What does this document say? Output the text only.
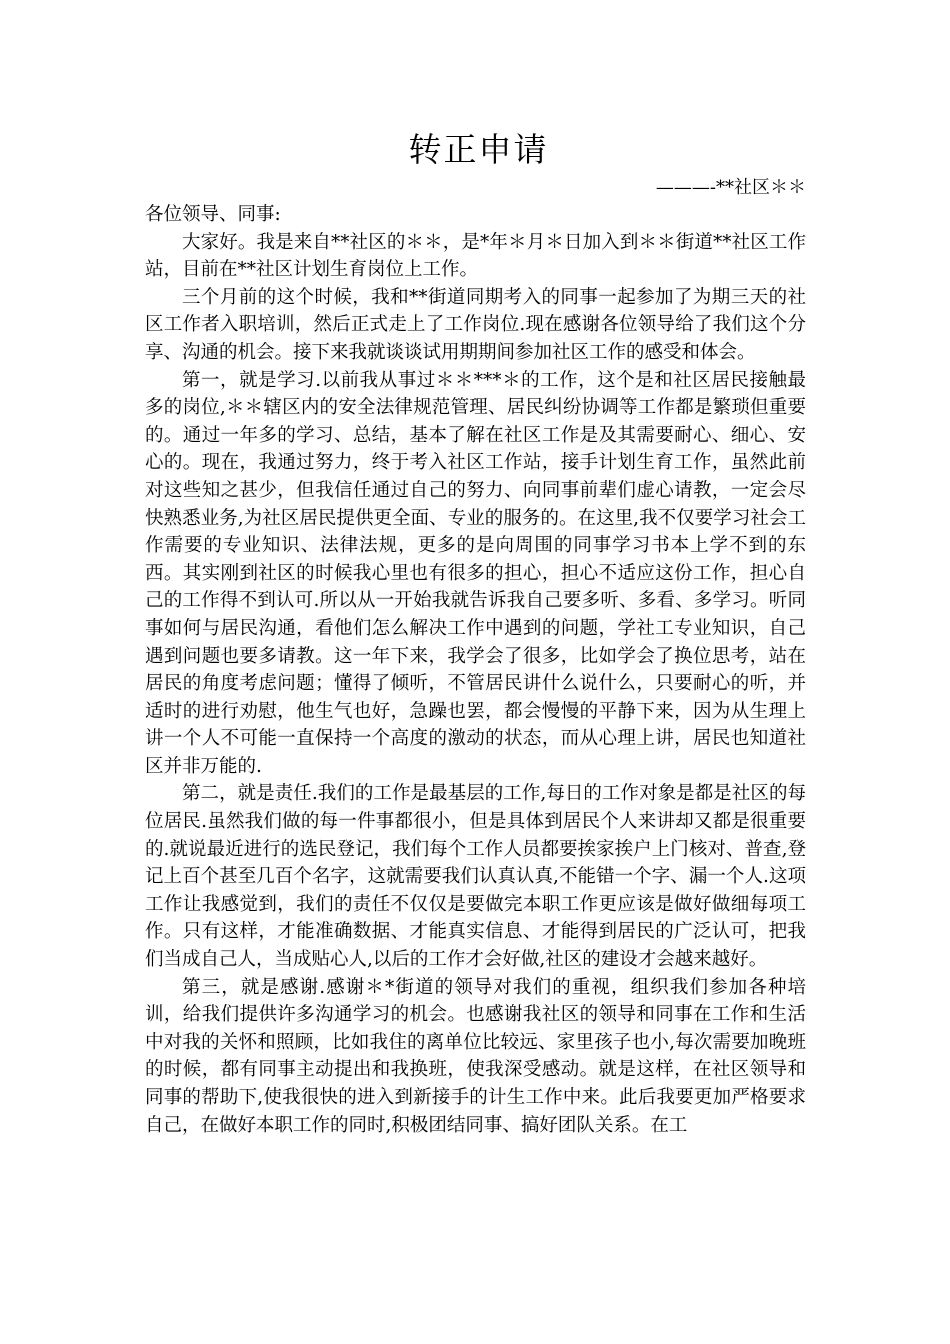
转正申请

———-**社区＊＊

各位领导、同事:

大家好。我是来自**社区的＊＊，是*年＊月＊日加入到＊＊街道**社区工作站，目前在**社区计划生育岗位上工作。

三个月前的这个时候，我和**街道同期考入的同事一起参加了为期三天的社区工作者入职培训，然后正式走上了工作岗位.现在感谢各位领导给了我们这个分享、沟通的机会。接下来我就谈谈试用期期间参加社区工作的感受和体会。

第一，就是学习.以前我从事过＊＊***＊的工作，这个是和社区居民接触最多的岗位,＊＊辖区内的安全法律规范管理、居民纠纷协调等工作都是繁琐但重要的。通过一年多的学习、总结，基本了解在社区工作是及其需要耐心、细心、安心的。现在，我通过努力，终于考入社区工作站，接手计划生育工作，虽然此前对这些知之甚少，但我信任通过自己的努力、向同事前辈们虚心请教，一定会尽快熟悉业务,为社区居民提供更全面、专业的服务的。在这里,我不仅要学习社会工作需要的专业知识、法律法规，更多的是向周围的同事学习书本上学不到的东西。其实刚到社区的时候我心里也有很多的担心，担心不适应这份工作，担心自己的工作得不到认可.所以从一开始我就告诉我自己要多听、多看、多学习。听同事如何与居民沟通，看他们怎么解决工作中遇到的问题，学社工专业知识，自己遇到问题也要多请教。这一年下来，我学会了很多，比如学会了换位思考，站在居民的角度考虑问题；懂得了倾听，不管居民讲什么说什么，只要耐心的听，并适时的进行劝慰，他生气也好，急躁也罢，都会慢慢的平静下来，因为从生理上讲一个人不可能一直保持一个高度的激动的状态，而从心理上讲，居民也知道社区并非万能的.

第二，就是责任.我们的工作是最基层的工作,每日的工作对象是都是社区的每位居民.虽然我们做的每一件事都很小，但是具体到居民个人来讲却又都是很重要的.就说最近进行的选民登记，我们每个工作人员都要挨家挨户上门核对、普查,登记上百个甚至几百个名字，这就需要我们认真认真,不能错一个字、漏一个人.这项工作让我感觉到，我们的责任不仅仅是要做完本职工作更应该是做好做细每项工作。只有这样，才能准确数据、才能真实信息、才能得到居民的广泛认可，把我们当成自己人，当成贴心人,以后的工作才会好做,社区的建设才会越来越好。

第三，就是感谢.感谢＊*街道的领导对我们的重视，组织我们参加各种培训，给我们提供许多沟通学习的机会。也感谢我社区的领导和同事在工作和生活中对我的关怀和照顾，比如我住的离单位比较远、家里孩子也小,每次需要加晚班的时候，都有同事主动提出和我换班，使我深受感动。就是这样，在社区领导和同事的帮助下,使我很快的进入到新接手的计生工作中来。此后我要更加严格要求自己，在做好本职工作的同时,积极团结同事、搞好团队关系。在工
